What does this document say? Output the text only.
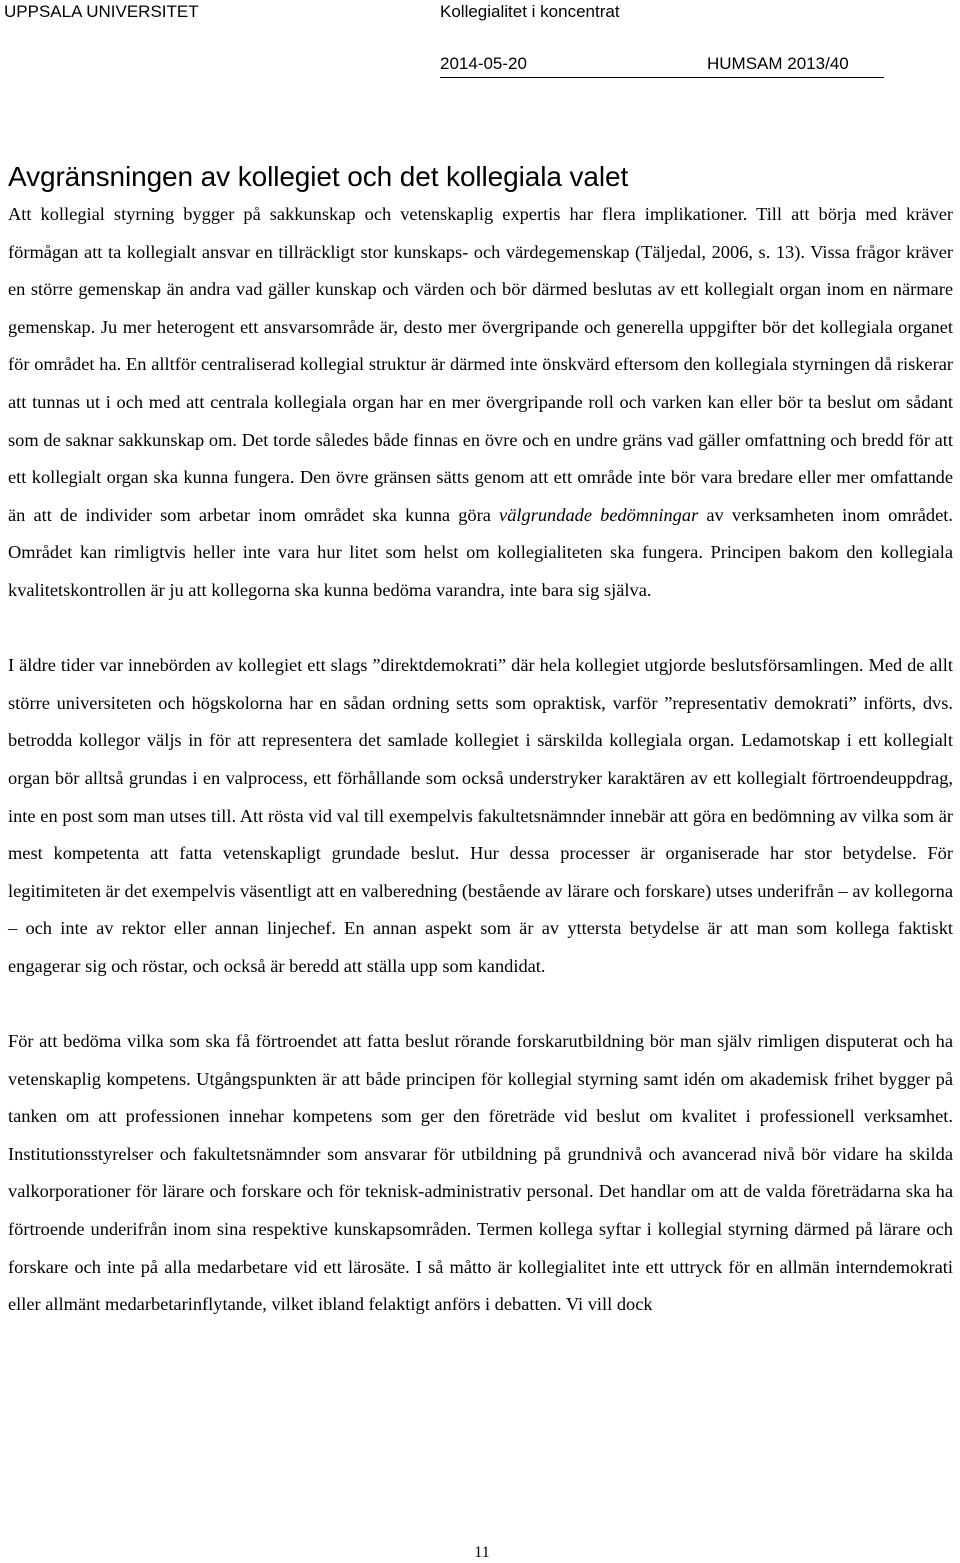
UPPSALA UNIVERSITET	Kollegialitet i koncentrat
2014-05-20	HUMSAM 2013/40
Avgränsningen av kollegiet och det kollegiala valet

Att kollegial styrning bygger på sakkunskap och vetenskaplig expertis har flera implikationer. Till att börja med kräver förmågan att ta kollegialt ansvar en tillräckligt stor kunskaps- och värdegemenskap (Täljedal, 2006, s. 13). Vissa frågor kräver en större gemenskap än andra vad gäller kunskap och värden och bör därmed beslutas av ett kollegialt organ inom en närmare gemenskap. Ju mer heterogent ett ansvarsområde är, desto mer övergripande och generella uppgifter bör det kollegiala organet för området ha. En alltför centraliserad kollegial struktur är därmed inte önskvärd eftersom den kollegiala styrningen då riskerar att tunnas ut i och med att centrala kollegiala organ har en mer övergripande roll och varken kan eller bör ta beslut om sådant som de saknar sakkunskap om. Det torde således både finnas en övre och en undre gräns vad gäller omfattning och bredd för att ett kollegialt organ ska kunna fungera. Den övre gränsen sätts genom att ett område inte bör vara bredare eller mer omfattande än att de individer som arbetar inom området ska kunna göra välgrundade bedömningar av verksamheten inom området. Området kan rimligtvis heller inte vara hur litet som helst om kollegialiteten ska fungera. Principen bakom den kollegiala kvalitetskontrollen är ju att kollegorna ska kunna bedöma varandra, inte bara sig själva.

I äldre tider var innebörden av kollegiet ett slags ”direktdemokrati” där hela kollegiet utgjorde beslutsförsamlingen. Med de allt större universiteten och högskolorna har en sådan ordning setts som opraktisk, varför ”representativ demokrati” införts, dvs. betrodda kollegor väljs in för att representera det samlade kollegiet i särskilda kollegiala organ. Ledamotskap i ett kollegialt organ bör alltså grundas i en valprocess, ett förhållande som också understryker karaktären av ett kollegialt förtroendeuppdrag, inte en post som man utses till. Att rösta vid val till exempelvis fakultetsnämnder innebär att göra en bedömning av vilka som är mest kompetenta att fatta vetenskapligt grundade beslut. Hur dessa processer är organiserade har stor betydelse. För legitimiteten är det exempelvis väsentligt att en valberedning (bestående av lärare och forskare) utses underifrån – av kollegorna – och inte av rektor eller annan linjechef. En annan aspekt som är av yttersta betydelse är att man som kollega faktiskt engagerar sig och röstar, och också är beredd att ställa upp som kandidat.

För att bedöma vilka som ska få förtroendet att fatta beslut rörande forskarutbildning bör man själv rimligen disputerat och ha vetenskaplig kompetens. Utgångspunkten är att både principen för kollegial styrning samt idén om akademisk frihet bygger på tanken om att professionen innehar kompetens som ger den företräde vid beslut om kvalitet i professionell verksamhet. Institutionsstyrelser och fakultetsnämnder som ansvarar för utbildning på grundnivå och avancerad nivå bör vidare ha skilda valkorporationer för lärare och forskare och för teknisk-administrativ personal. Det handlar om att de valda företrädarna ska ha förtroende underifrån inom sina respektive kunskapsområden. Termen kollega syftar i kollegial styrning därmed på lärare och forskare och inte på alla medarbetare vid ett lärosäte. I så måtto är kollegialitet inte ett uttryck för en allmän interndemokrati eller allmänt medarbetarinflytande, vilket ibland felaktigt anförs i debatten. Vi vill dock

11
